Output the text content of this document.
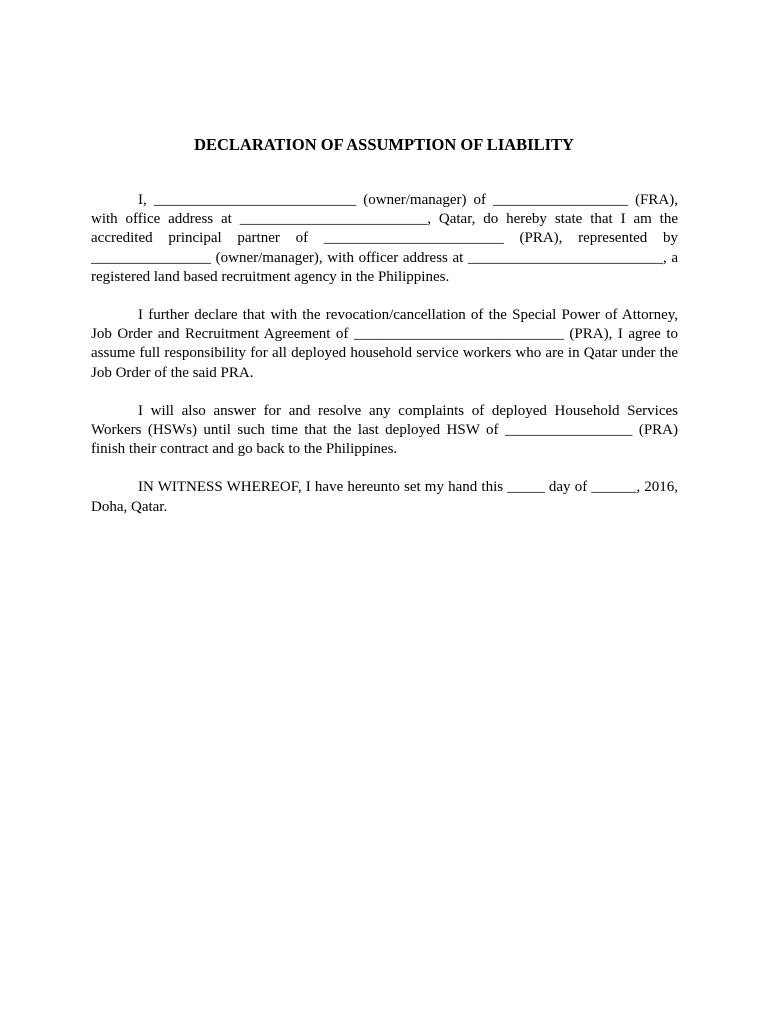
DECLARATION OF ASSUMPTION OF LIABILITY

I, ___________________________ (owner/manager) of __________________ (FRA), with office address at _________________________, Qatar, do hereby state that I am the accredited principal partner of ________________________ (PRA), represented by ________________ (owner/manager), with officer address at __________________________, a registered land based recruitment agency in the Philippines.

I further declare that with the revocation/cancellation of the Special Power of Attorney, Job Order and Recruitment Agreement of ____________________________ (PRA), I agree to assume full responsibility for all deployed household service workers who are in Qatar under the Job Order of the said PRA.

I will also answer for and resolve any complaints of deployed Household Services Workers (HSWs) until such time that the last deployed HSW of _________________ (PRA) finish their contract and go back to the Philippines.

IN WITNESS WHEREOF, I have hereunto set my hand this _____ day of ______, 2016, Doha, Qatar.
